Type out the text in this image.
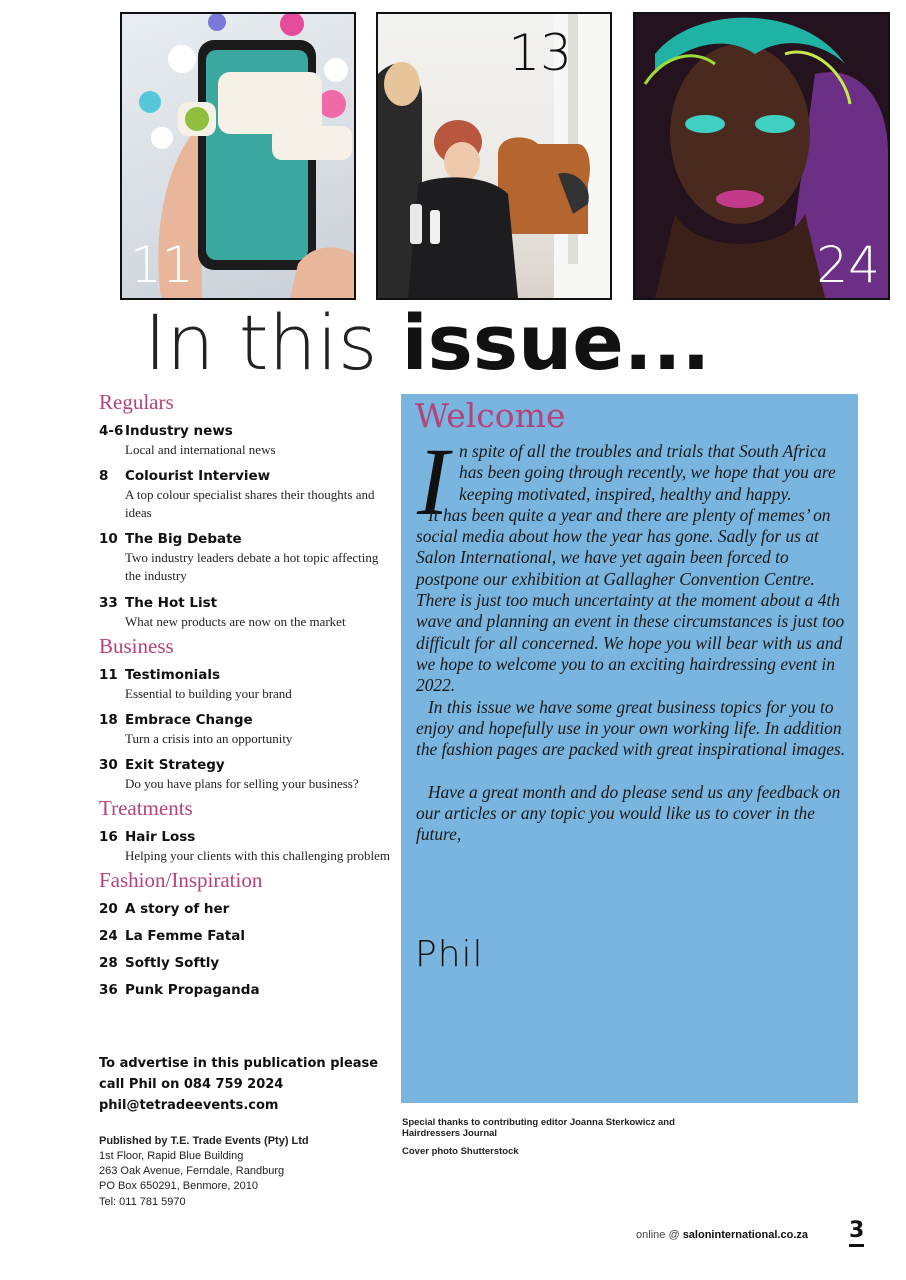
11
13
24
In this issue...
Regulars
4-6 Industry news
Local and international news
8 Colourist Interview
A top colour specialist shares their thoughts and ideas
10 The Big Debate
Two industry leaders debate a hot topic affecting the industry
33 The Hot List
What new products are now on the market
Business
11 Testimonials
Essential to building your brand
18 Embrace Change
Turn a crisis into an opportunity
30 Exit Strategy
Do you have plans for selling your business?
Treatments
16 Hair Loss
Helping your clients with this challenging problem
Fashion/Inspiration
20 A story of her
24 La Femme Fatal
28 Softly Softly
36 Punk Propaganda
Welcome
I n spite of all the troubles and trials that South Africa has been going through recently, we hope that you are keeping motivated, inspired, healthy and happy.

It has been quite a year and there are plenty of memes’ on social media about how the year has gone. Sadly for us at Salon International, we have yet again been forced to postpone our exhibition at Gallagher Convention Centre. There is just too much uncertainty at the moment about a 4th wave and planning an event in these circumstances is just too difficult for all concerned. We hope you will bear with us and we hope to welcome you to an exciting hairdressing event in 2022.

In this issue we have some great business topics for you to enjoy and hopefully use in your own working life. In addition the fashion pages are packed with great inspirational images.

Have a great month and do please send us any feedback on our articles or any topic you would like us to cover in the future,

Phil
Special thanks to contributing editor Joanna Sterkowicz and Hairdressers Journal
Cover photo Shutterstock
To advertise in this publication please
call Phil on 084 759 2024
phil@tetradeevents.com
Published by T.E. Trade Events (Pty) Ltd
1st Floor, Rapid Blue Building
263 Oak Avenue, Ferndale, Randburg
PO Box 650291, Benmore, 2010
Tel: 011 781 5970
online @ saloninternational.co.za 3
